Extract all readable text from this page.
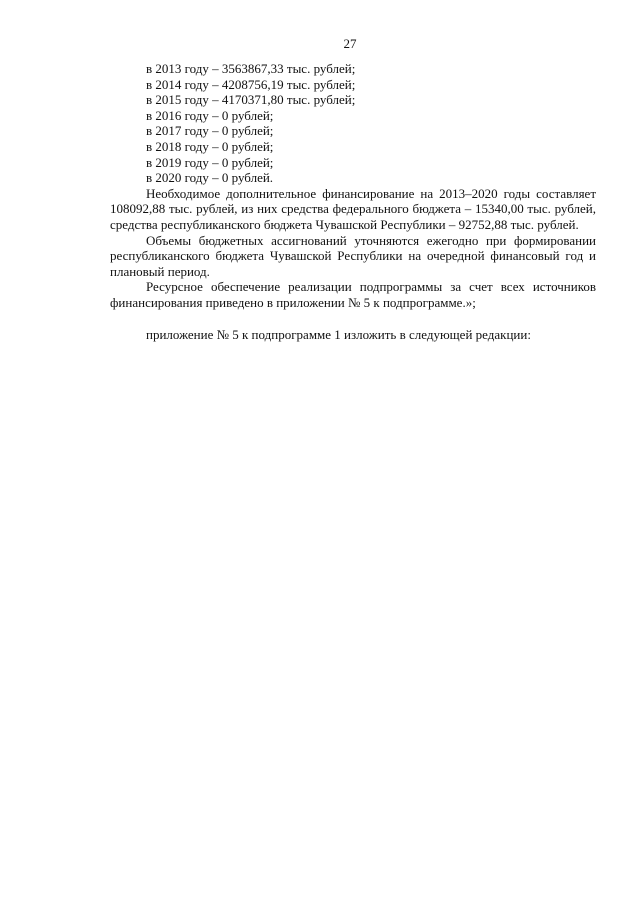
27

в 2013 году – 3563867,33 тыс. рублей;

в 2014 году – 4208756,19 тыс. рублей;

в 2015 году – 4170371,80 тыс. рублей;

в 2016 году – 0 рублей;

в 2017 году – 0 рублей;

в 2018 году – 0 рублей;

в 2019 году – 0 рублей;

в 2020 году – 0 рублей.

Необходимое дополнительное финансирование на 2013–2020 годы составляет 108092,88 тыс. рублей, из них средства федерального бюджета – 15340,00 тыс. рублей, средства республиканского бюджета Чувашской Республики – 92752,88 тыс. рублей.

Объемы бюджетных ассигнований уточняются ежегодно при формировании республиканского бюджета Чувашской Республики на очередной финансовый год и плановый период.

Ресурсное обеспечение реализации подпрограммы за счет всех источников финансирования приведено в приложении № 5 к подпрограмме.»;

приложение № 5 к подпрограмме 1 изложить в следующей редакции:
